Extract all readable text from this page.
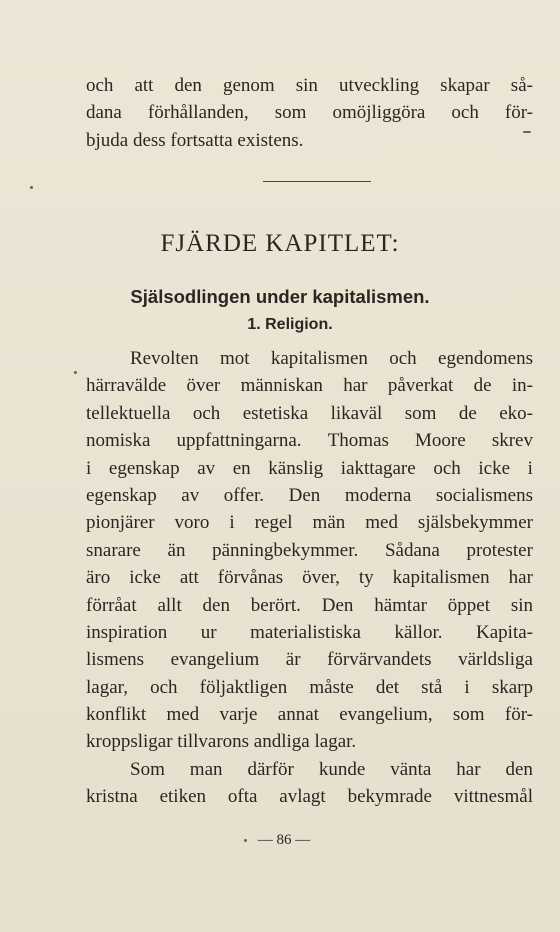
och att den genom sin utveckling skapar så-
dana förhållanden, som omöjliggöra och för-
bjuda dess fortsatta existens.
FJÄRDE KAPITLET:
Själsodlingen under kapitalismen.
1. Religion.
Revolten mot kapitalismen och egendomens
härravälde över människan har påverkat de in-
tellektuella och estetiska likaväl som de eko-
nomiska uppfattningarna. Thomas Moore skrev
i egenskap av en känslig iakttagare och icke i
egenskap av offer. Den moderna socialismens
pionjärer voro i regel män med själsbekymmer
snarare än pänningbekymmer. Sådana protester
äro icke att förvånas över, ty kapitalismen har
förråat allt den berört. Den hämtar öppet sin
inspiration ur materialistiska källor. Kapita-
lismens evangelium är förvärvandets världsliga
lagar, och följaktligen måste det stå i skarp
konflikt med varje annat evangelium, som för-
kroppsligar tillvarons andliga lagar.
Som man därför kunde vänta har den
kristna etiken ofta avlagt bekymrade vittnesmål
— 86 —
